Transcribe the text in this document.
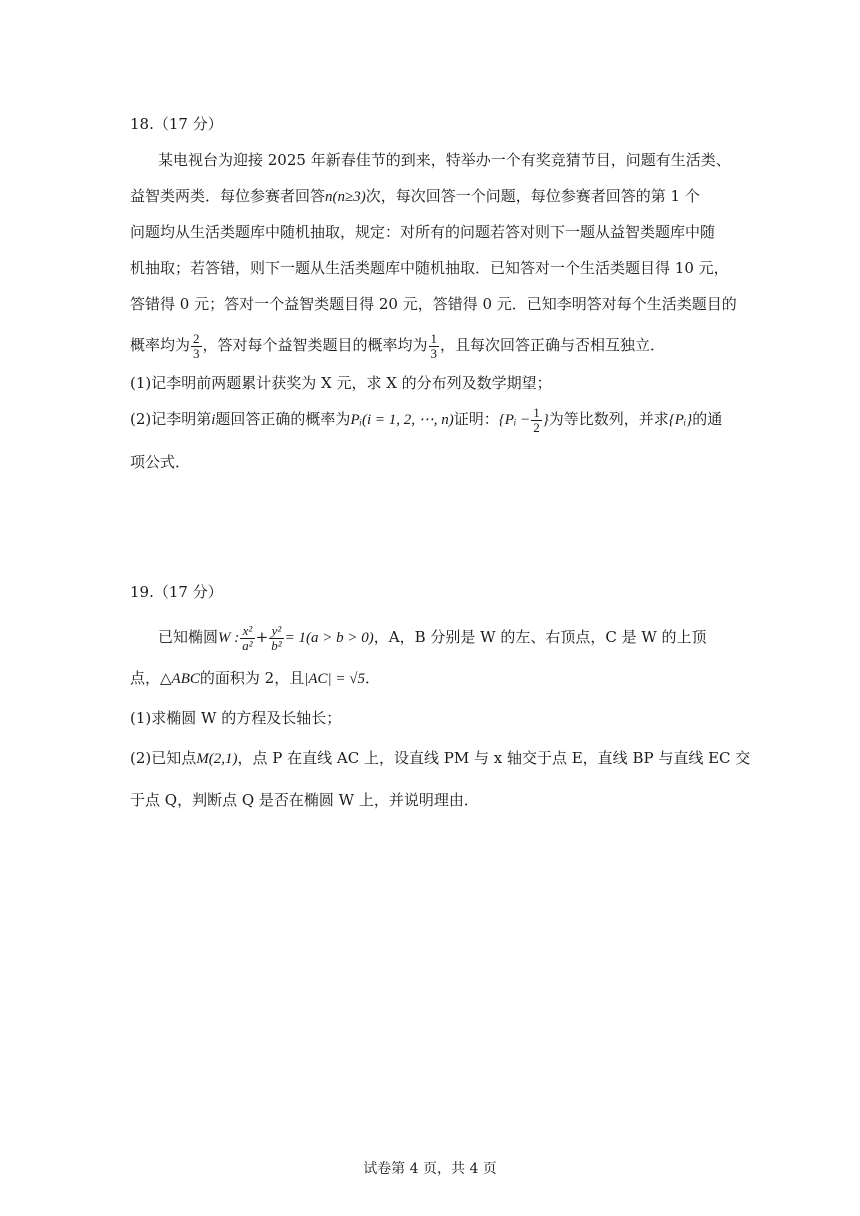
18.（17 分）
某电视台为迎接 2025 年新春佳节的到来，特举办一个有奖竞猜节目，问题有生活类、
益智类两类．每位参赛者回答n(n≥3)次，每次回答一个问题，每位参赛者回答的第 1 个
问题均从生活类题库中随机抽取，规定：对所有的问题若答对则下一题从益智类题库中随
机抽取；若答错，则下一题从生活类题库中随机抽取．已知答对一个生活类题目得 10 元，
答错得 0 元；答对一个益智类题目得 20 元，答错得 0 元．已知李明答对每个生活类题目的
概率均为 $\frac{2}{3}$ ，答对每个益智类题目的概率均为 $\frac{1}{3}$ ，且每次回答正确与否相互独立．
(1)记李明前两题累计获奖为 X 元，求 X 的分布列及数学期望；
(2)记李明第i题回答正确的概率为Pᵢ(i = 1, 2, ⋯, n)证明：{Pᵢ − $\frac{1}{2}$ }为等比数列，并求{Pᵢ}的通
项公式．
19.（17 分）
已知椭圆W : $\frac{\text{x²}}{\text{a²}} + \frac{\text{y²}}{\text{b²}} = 1(a > b > 0)$，A，B 分别是 W 的左、右顶点，C 是 W 的上顶
点，△ABC的面积为 2，且|AC| = √5．
(1)求椭圆 W 的方程及长轴长；
(2)已知点M(2,1)，点 P 在直线 AC 上，设直线 PM 与 x 轴交于点 E，直线 BP 与直线 EC 交
于点 Q，判断点 Q 是否在椭圆 W 上，并说明理由．
试卷第 4 页，共 4 页
